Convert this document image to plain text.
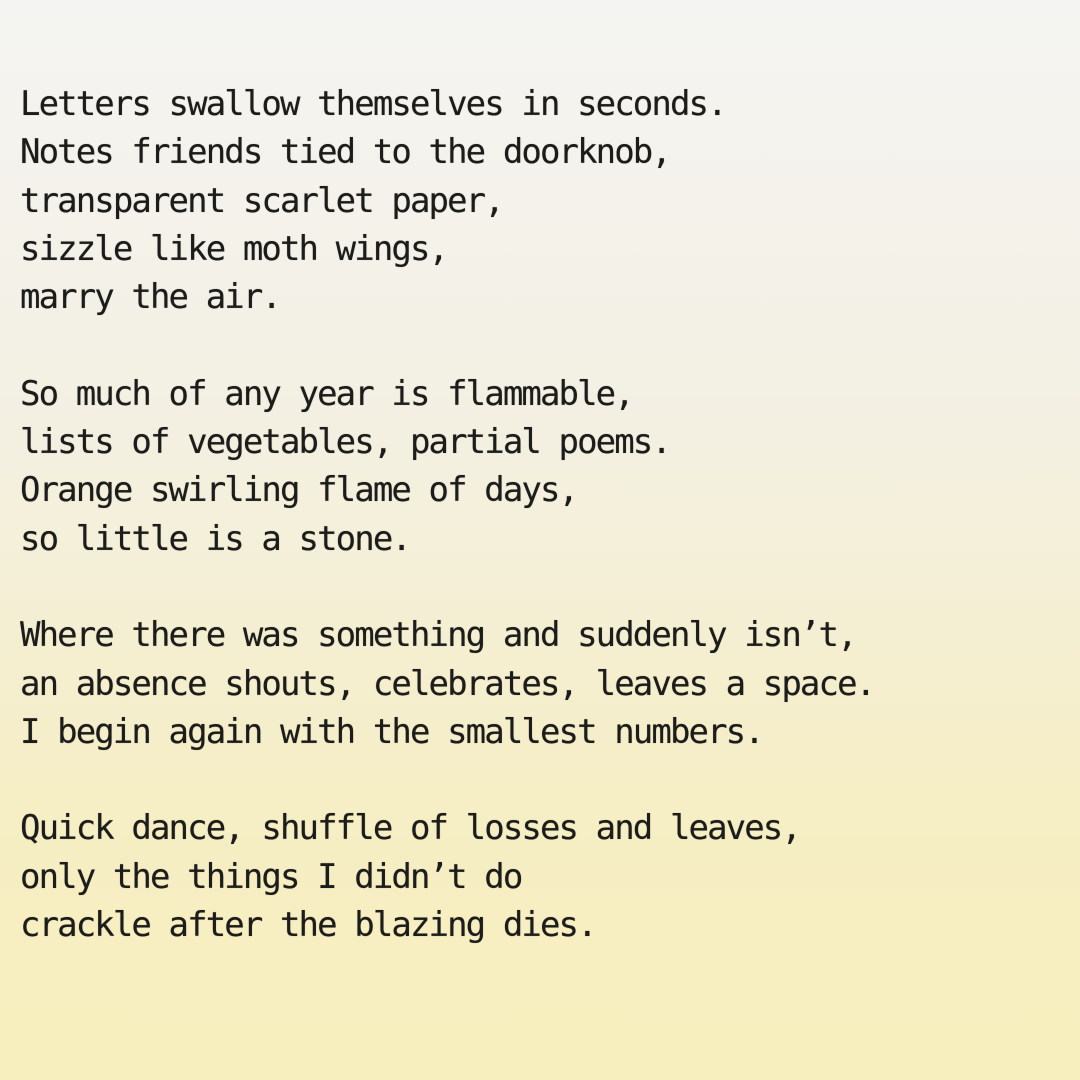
Letters swallow themselves in seconds.
Notes friends tied to the doorknob,
transparent scarlet paper,
sizzle like moth wings,
marry the air.
So much of any year is flammable,
lists of vegetables, partial poems.
Orange swirling flame of days,
so little is a stone.
Where there was something and suddenly isn’t,
an absence shouts, celebrates, leaves a space.
I begin again with the smallest numbers.
Quick dance, shuffle of losses and leaves,
only the things I didn’t do
crackle after the blazing dies.
